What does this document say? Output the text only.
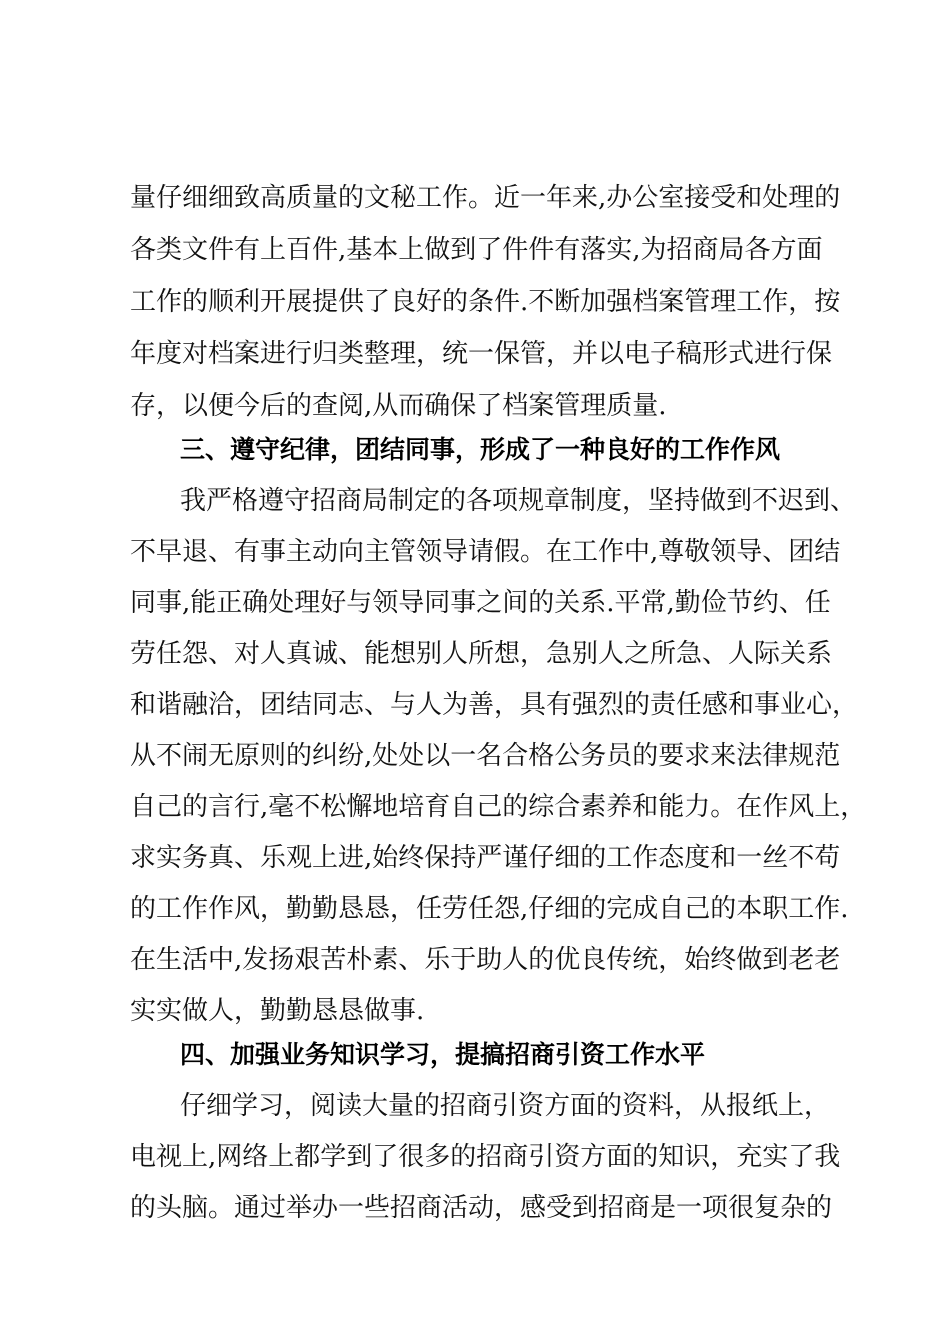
量仔细细致高质量的文秘工作。近一年来,办公室接受和处理的
各类文件有上百件,基本上做到了件件有落实,为招商局各方面
工作的顺利开展提供了良好的条件.不断加强档案管理工作，按
年度对档案进行归类整理，统一保管，并以电子稿形式进行保
存，以便今后的查阅,从而确保了档案管理质量.
三、遵守纪律，团结同事，形成了一种良好的工作作风
我严格遵守招商局制定的各项规章制度，坚持做到不迟到、
不早退、有事主动向主管领导请假。在工作中,尊敬领导、团结
同事,能正确处理好与领导同事之间的关系.平常,勤俭节约、任
劳任怨、对人真诚、能想别人所想，急别人之所急、人际关系
和谐融洽，团结同志、与人为善，具有强烈的责任感和事业心，
从不闹无原则的纠纷,处处以一名合格公务员的要求来法律规范
自己的言行,毫不松懈地培育自己的综合素养和能力。在作风上，
求实务真、乐观上进,始终保持严谨仔细的工作态度和一丝不苟
的工作作风，勤勤恳恳，任劳任怨,仔细的完成自己的本职工作.
在生活中,发扬艰苦朴素、乐于助人的优良传统，始终做到老老
实实做人，勤勤恳恳做事.
四、加强业务知识学习，提搞招商引资工作水平
仔细学习，阅读大量的招商引资方面的资料，从报纸上，
电视上,网络上都学到了很多的招商引资方面的知识，充实了我
的头脑。通过举办一些招商活动，感受到招商是一项很复杂的
